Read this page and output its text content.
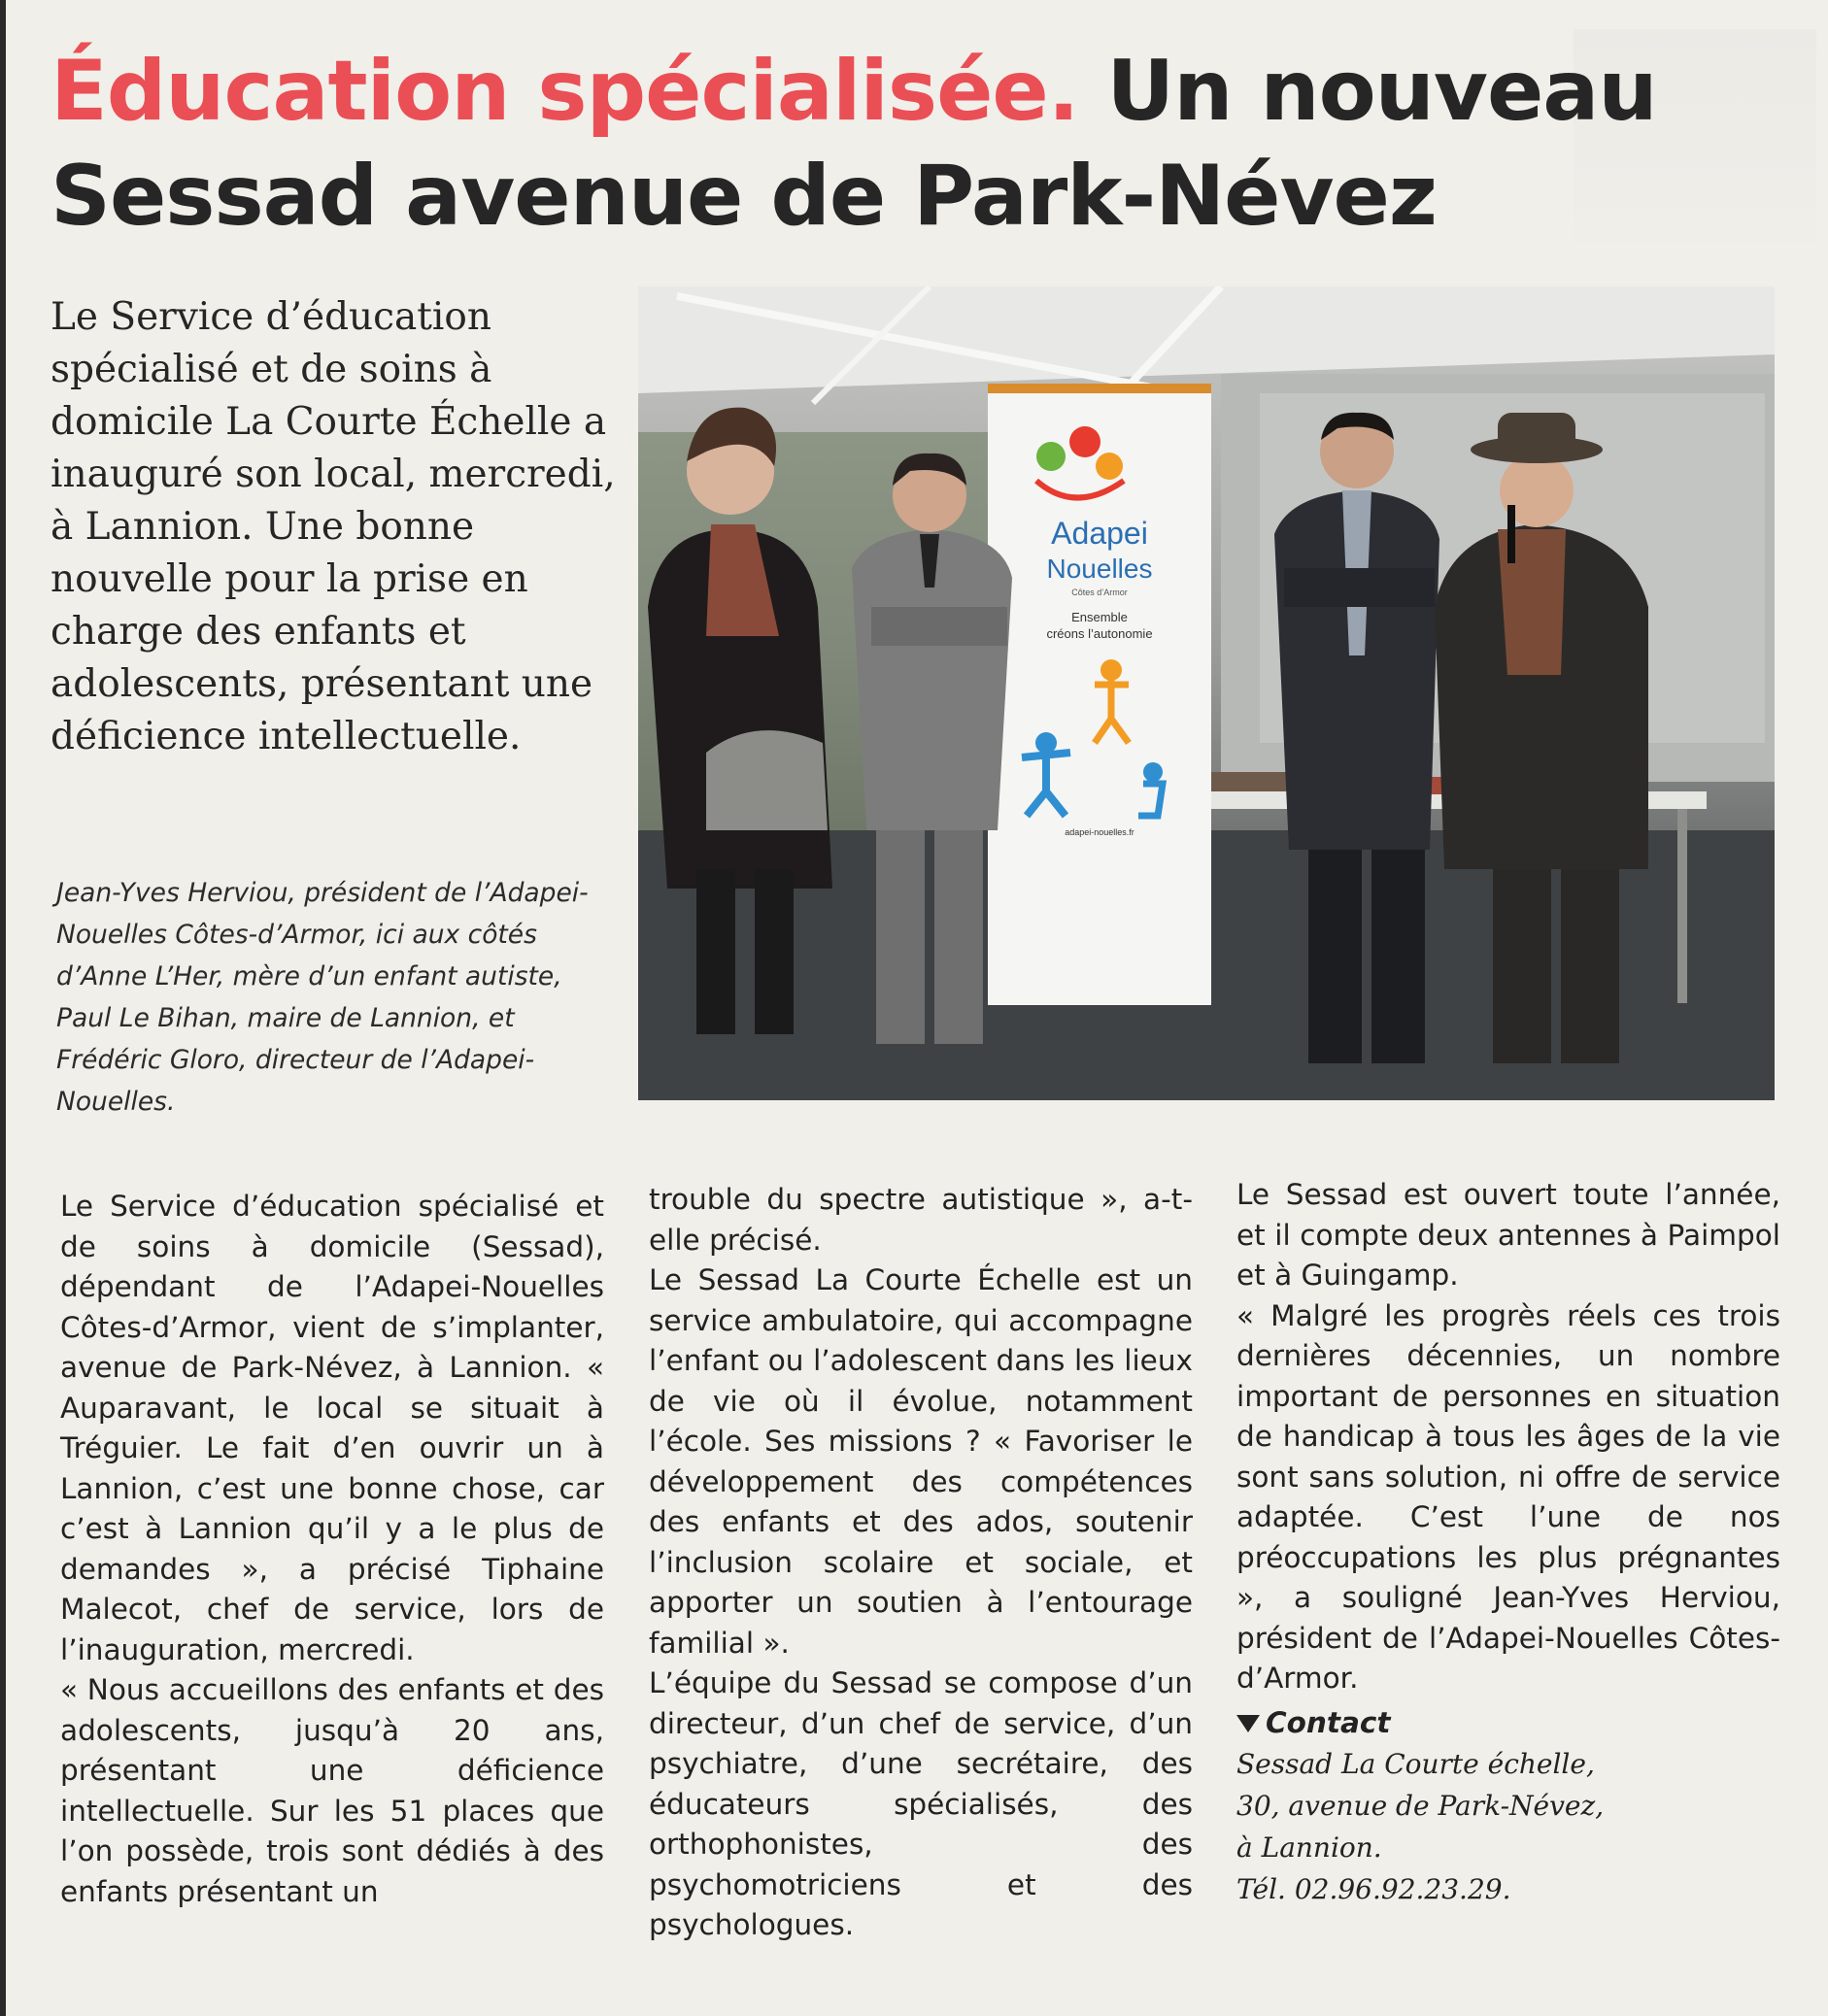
Éducation spécialisée. Un nouveau Sessad avenue de Park-Névez

Le Service d’éducation spécialisé et de soins à domicile La Courte Échelle a inauguré son local, mercredi, à Lannion. Une bonne nouvelle pour la prise en charge des enfants et adolescents, présentant une déficience intellectuelle.

Jean-Yves Herviou, président de l’Adapei-Nouelles Côtes-d’Armor, ici aux côtés d’Anne L’Her, mère d’un enfant autiste, Paul Le Bihan, maire de Lannion, et Frédéric Gloro, directeur de l’Adapei-Nouelles.

Adapei
Nouelles
Côtes d’Armor
Ensemble
créons l’autonomie
adapei-nouelles.fr

Le Service d’éducation spécialisé et de soins à domicile (Sessad), dépendant de l’Adapei-Nouelles Côtes-d’Armor, vient de s’implanter, avenue de Park-Névez, à Lannion. « Auparavant, le local se situait à Tréguier. Le fait d’en ouvrir un à Lannion, c’est une bonne chose, car c’est à Lannion qu’il y a le plus de demandes », a précisé Tiphaine Malecot, chef de service, lors de l’inauguration, mercredi.

« Nous accueillons des enfants et des adolescents, jusqu’à 20 ans, présentant une déficience intellectuelle. Sur les 51 places que l’on possède, trois sont dédiés à des enfants présentant un

trouble du spectre autistique », a-t-elle précisé.

Le Sessad La Courte Échelle est un service ambulatoire, qui accompagne l’enfant ou l’adolescent dans les lieux de vie où il évolue, notamment l’école. Ses missions ? « Favoriser le développement des compétences des enfants et des ados, soutenir l’inclusion scolaire et sociale, et apporter un soutien à l’entourage familial ».

L’équipe du Sessad se compose d’un directeur, d’un chef de service, d’un psychiatre, d’une secrétaire, des éducateurs spécialisés, des orthophonistes, des psychomotriciens et des psychologues.

Le Sessad est ouvert toute l’année, et il compte deux antennes à Paimpol et à Guingamp.

« Malgré les progrès réels ces trois dernières décennies, un nombre important de personnes en situation de handicap à tous les âges de la vie sont sans solution, ni offre de service adaptée. C’est l’une de nos préoccupations les plus prégnantes », a souligné Jean-Yves Herviou, président de l’Adapei-Nouelles Côtes-d’Armor.

Contact

Sessad La Courte échelle,

30, avenue de Park-Névez,

à Lannion.

Tél. 02.96.92.23.29.
